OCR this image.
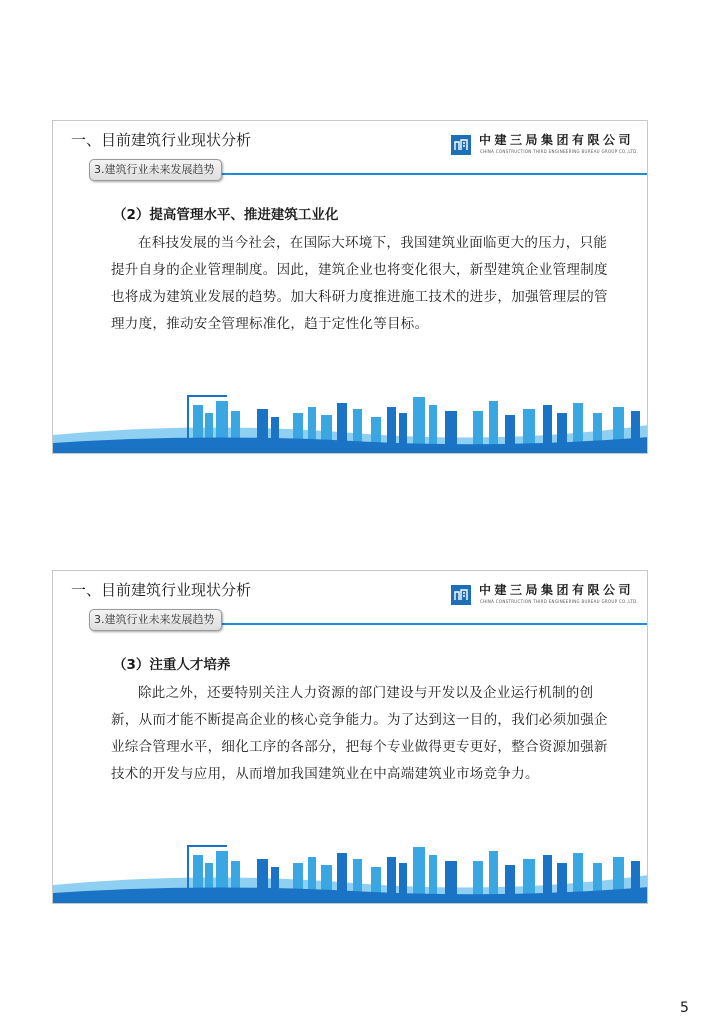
一、目前建筑行业现状分析	中建三局集团有限公司
CHINA CONSTRUCTION THIRD ENGINEERING BUREAU GROUP CO.,LTD.
3.建筑行业未来发展趋势
（2）提高管理水平、推进建筑工业化

在科技发展的当今社会，在国际大环境下，我国建筑业面临更大的压力，只能提升自身的企业管理制度。因此，建筑企业也将变化很大，新型建筑企业管理制度也将成为建筑业发展的趋势。加大科研力度推进施工技术的进步，加强管理层的管理力度，推动安全管理标准化，趋于定性化等目标。

一、目前建筑行业现状分析	中建三局集团有限公司
CHINA CONSTRUCTION THIRD ENGINEERING BUREAU GROUP CO.,LTD.
3.建筑行业未来发展趋势
（3）注重人才培养

除此之外，还要特别关注人力资源的部门建设与开发以及企业运行机制的创新，从而才能不断提高企业的核心竞争能力。为了达到这一目的，我们必须加强企业综合管理水平，细化工序的各部分，把每个专业做得更专更好，整合资源加强新技术的开发与应用，从而增加我国建筑业在中高端建筑业市场竞争力。

5
